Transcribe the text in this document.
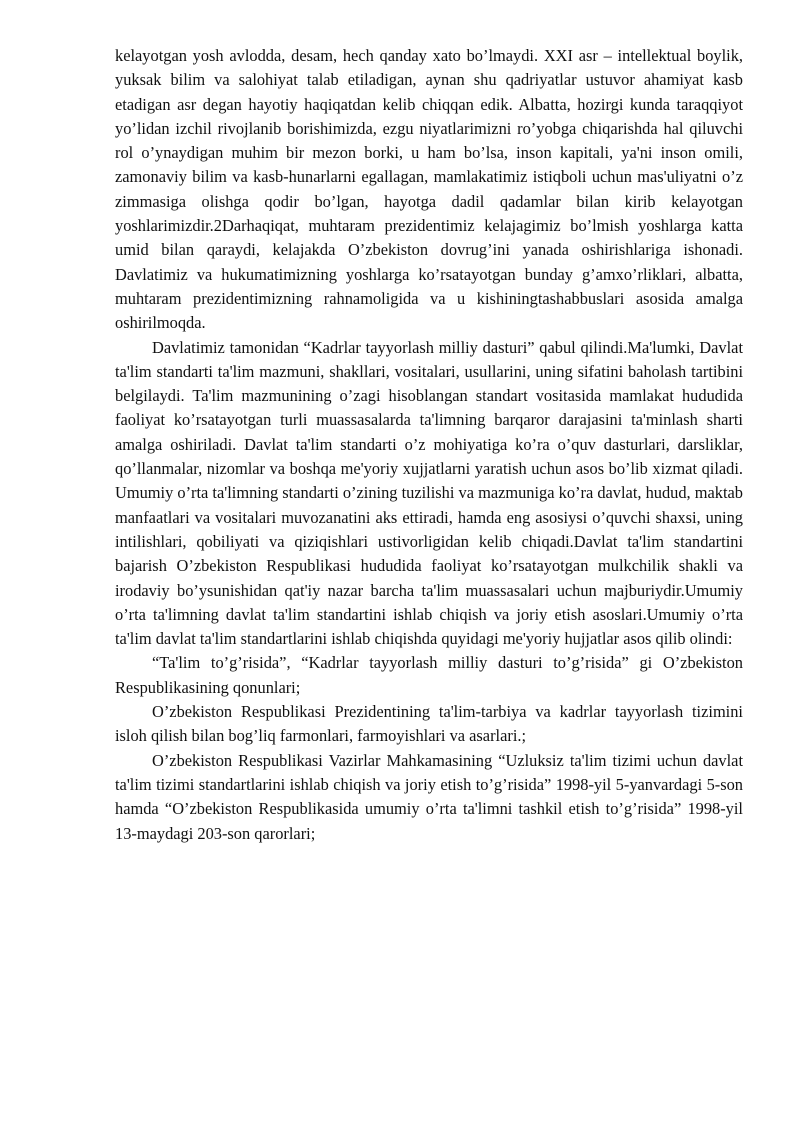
kelayotgan yosh avlodda, desam, hech qanday xato bo’lmaydi. XXI asr – intellektual boylik, yuksak bilim va salohiyat talab etiladigan, aynan shu qadriyatlar ustuvor ahamiyat kasb etadigan asr degan hayotiy haqiqatdan kelib chiqqan edik. Albatta, hozirgi kunda taraqqiyot yo’lidan izchil rivojlanib borishimizda, ezgu niyatlarimizni ro’yobga chiqarishda hal qiluvchi rol o’ynaydigan muhim bir mezon borki, u ham bo’lsa, inson kapitali, ya'ni inson omili, zamonaviy bilim va kasb-hunarlarni egallagan, mamlakatimiz istiqboli uchun mas'uliyatni o’z zimmasiga olishga qodir bo’lgan, hayotga dadil qadamlar bilan kirib kelayotgan yoshlarimizdir.2Darhaqiqat, muhtaram prezidentimiz kelajagimiz bo’lmish yoshlarga katta umid bilan qaraydi, kelajakda O’zbekiston dovrug’ini yanada oshirishlariga ishonadi. Davlatimiz va hukumatimizning yoshlarga ko’rsatayotgan bunday g’amxo’rliklari, albatta, muhtaram prezidentimizning rahnamoligida va u kishiningtashabbuslari asosida amalga oshirilmoqda.

Davlatimiz tamonidan “Kadrlar tayyorlash milliy dasturi” qabul qilindi.Ma'lumki, Davlat ta'lim standarti ta'lim mazmuni, shakllari, vositalari, usullarini, uning sifatini baholash tartibini belgilaydi. Ta'lim mazmunining o’zagi hisoblangan standart vositasida mamlakat hududida faoliyat ko’rsatayotgan turli muassasalarda ta'limning barqaror darajasini ta'minlash sharti amalga oshiriladi. Davlat ta'lim standarti o’z mohiyatiga ko’ra o’quv dasturlari, darsliklar, qo’llanmalar, nizomlar va boshqa me'yoriy xujjatlarni yaratish uchun asos bo’lib xizmat qiladi. Umumiy o’rta ta'limning standarti o’zining tuzilishi va mazmuniga ko’ra davlat, hudud, maktab manfaatlari va vositalari muvozanatini aks ettiradi, hamda eng asosiysi o’quvchi shaxsi, uning intilishlari, qobiliyati va qiziqishlari ustivorligidan kelib chiqadi.Davlat ta'lim standartini bajarish O’zbekiston Respublikasi hududida faoliyat ko’rsatayotgan mulkchilik shakli va irodaviy bo’ysunishidan qat'iy nazar barcha ta'lim muassasalari uchun majburiydir.Umumiy o’rta ta'limning davlat ta'lim standartini ishlab chiqish va joriy etish asoslari.Umumiy o’rta ta'lim davlat ta'lim standartlarini ishlab chiqishda quyidagi me'yoriy hujjatlar asos qilib olindi:

“Ta'lim to’g’risida”, “Kadrlar tayyorlash milliy dasturi to’g’risida” gi O’zbekiston Respublikasining qonunlari;

O’zbekiston Respublikasi Prezidentining ta'lim-tarbiya va kadrlar tayyorlash tizimini isloh qilish bilan bog’liq farmonlari, farmoyishlari va asarlari.;

O’zbekiston Respublikasi Vazirlar Mahkamasining “Uzluksiz ta'lim tizimi uchun davlat ta'lim tizimi standartlarini ishlab chiqish va joriy etish to’g’risida” 1998-yil 5-yanvardagi 5-son hamda “O’zbekiston Respublikasida umumiy o’rta ta'limni tashkil etish to’g’risida” 1998-yil 13-maydagi 203-son qarorlari;
